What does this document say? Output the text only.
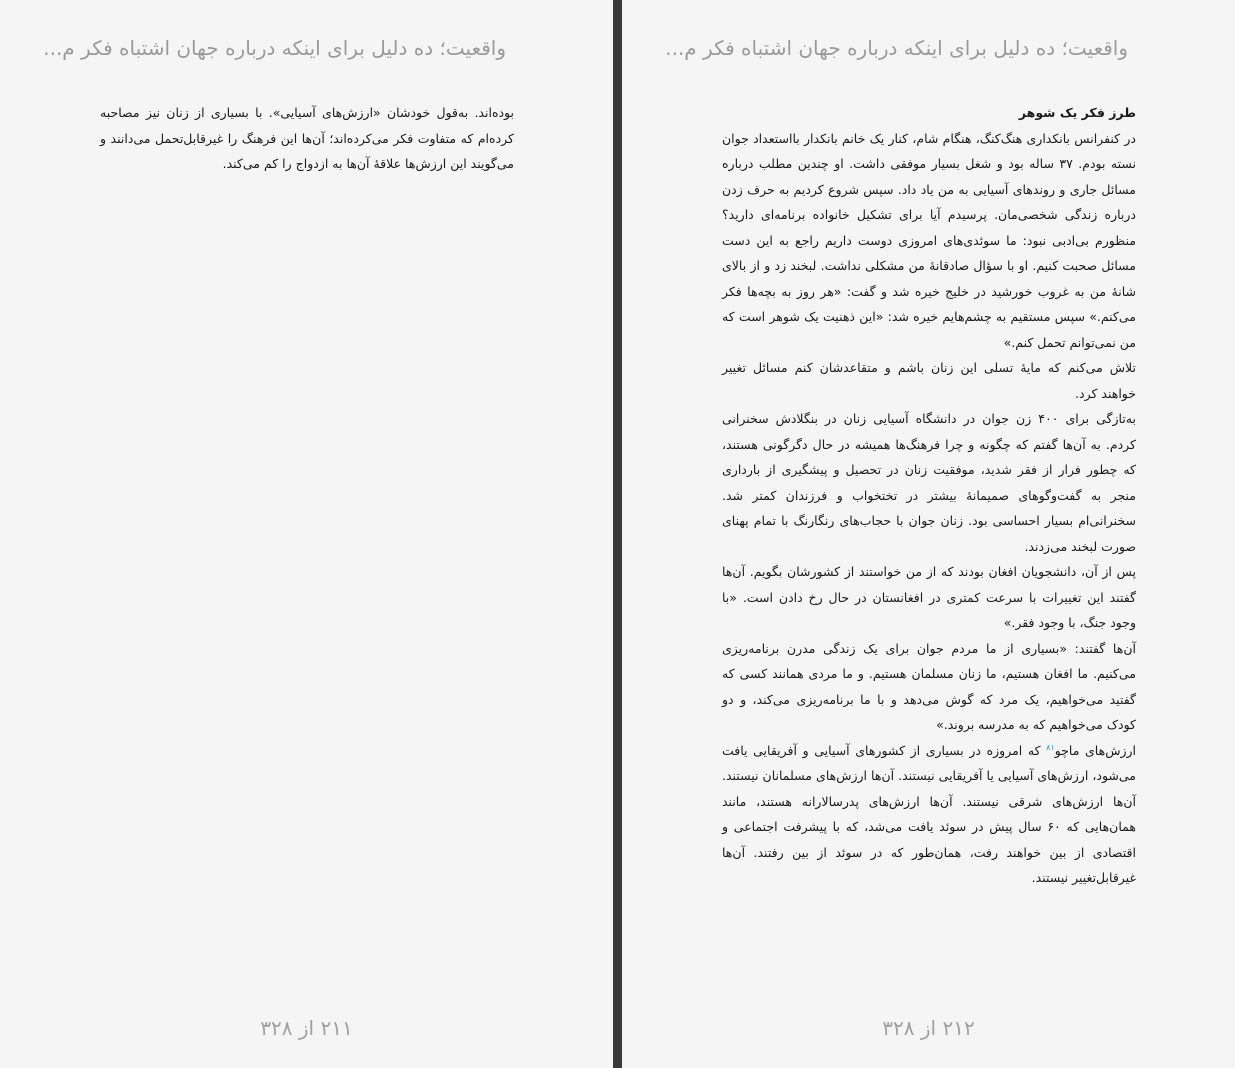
واقعیت؛ ده دلیل برای اینکه درباره جهان اشتباه فکر م...

بوده‌اند. به‌قول خودشان «ارزش‌های آسیایی». با بسیاری از زنان نیز مصاحبه کرده‌ام که متفاوت فکر می‌کرده‌اند؛ آن‌ها این فرهنگ را غیرقابل‌تحمل می‌دانند و می‌گویند این ارزش‌ها علاقهٔ آن‌ها به ازدواج را کم می‌کند.

۲۱۱ از ۳۲۸
واقعیت؛ ده دلیل برای اینکه درباره جهان اشتباه فکر م...

طرز فکر یک شوهر

در کنفرانس بانکداری هنگ‌کنگ، هنگام شام، کنار یک خانم بانکدار بااستعداد جوان نسته بودم. ۳۷ ساله بود و شغل بسیار موفقی داشت. او چندین مطلب درباره مسائل جاری و روندهای آسیایی به من یاد داد. سپس شروع کردیم به حرف زدن درباره زندگی شخصی‌مان. پرسیدم آیا برای تشکیل خانواده برنامه‌ای دارید؟ منظورم بی‌ادبی نبود: ما سوئدی‌های امروزی دوست داریم راجع به این دست مسائل صحبت کنیم. او با سؤال صادقانهٔ من مشکلی نداشت. لبخند زد و از بالای شانهٔ من به غروب خورشید در خلیج خیره شد و گفت: «هر روز به بچه‌ها فکر می‌کنم.» سپس مستقیم به چشم‌هایم خیره شد: «این ذهنیت یک شوهر است که من نمی‌توانم تحمل کنم.»

تلاش می‌کنم که مایهٔ تسلی این زنان باشم و متقاعدشان کنم مسائل تغییر خواهند کرد.

به‌تازگی برای ۴۰۰ زن جوان در دانشگاه آسیایی زنان در بنگلادش سخنرانی کردم. به آن‌ها گفتم که چگونه و چرا فرهنگ‌ها همیشه در حال دگرگونی هستند، که چطور فرار از فقر شدید، موفقیت زنان در تحصیل و پیشگیری از بارداری منجر به گفت‌وگوهای صمیمانهٔ بیشتر در تختخواب و فرزندان کمتر شد. سخنرانی‌ام بسیار احساسی بود. زنان جوان با حجاب‌های رنگارنگ با تمام پهنای صورت لبخند می‌زدند.

پس از آن، دانشجویان افغان بودند که از من خواستند از کشورشان بگویم. آن‌ها گفتند این تغییرات با سرعت کمتری در افغانستان در حال رخ دادن است. «با وجود جنگ، با وجود فقر.»

آن‌ها گفتند: «بسیاری از ما مردم جوان برای یک زندگی مدرن برنامه‌ریزی می‌کنیم. ما افغان هستیم، ما زنان مسلمان هستیم. و ما مردی همانند کسی که گفتید می‌خواهیم، یک مرد که گوش می‌دهد و با ما برنامه‌ریزی می‌کند، و دو کودک می‌خواهیم که به مدرسه بروند.»

ارزش‌های ماچو$^{۸۱}$ که امروزه در بسیاری از کشورهای آسیایی و آفریقایی یافت می‌شود، ارزش‌های آسیایی یا آفریقایی نیستند. آن‌ها ارزش‌های مسلمانان نیستند. آن‌ها ارزش‌های شرقی نیستند. آن‌ها ارزش‌های پدرسالارانه هستند، مانند همان‌هایی که ۶۰ سال پیش در سوئد یافت می‌شد، که با پیشرفت اجتماعی و اقتصادی از بین خواهند رفت، همان‌طور که در سوئد از بین رفتند. آن‌ها غیرقابل‌تغییر نیستند.

۲۱۲ از ۳۲۸
